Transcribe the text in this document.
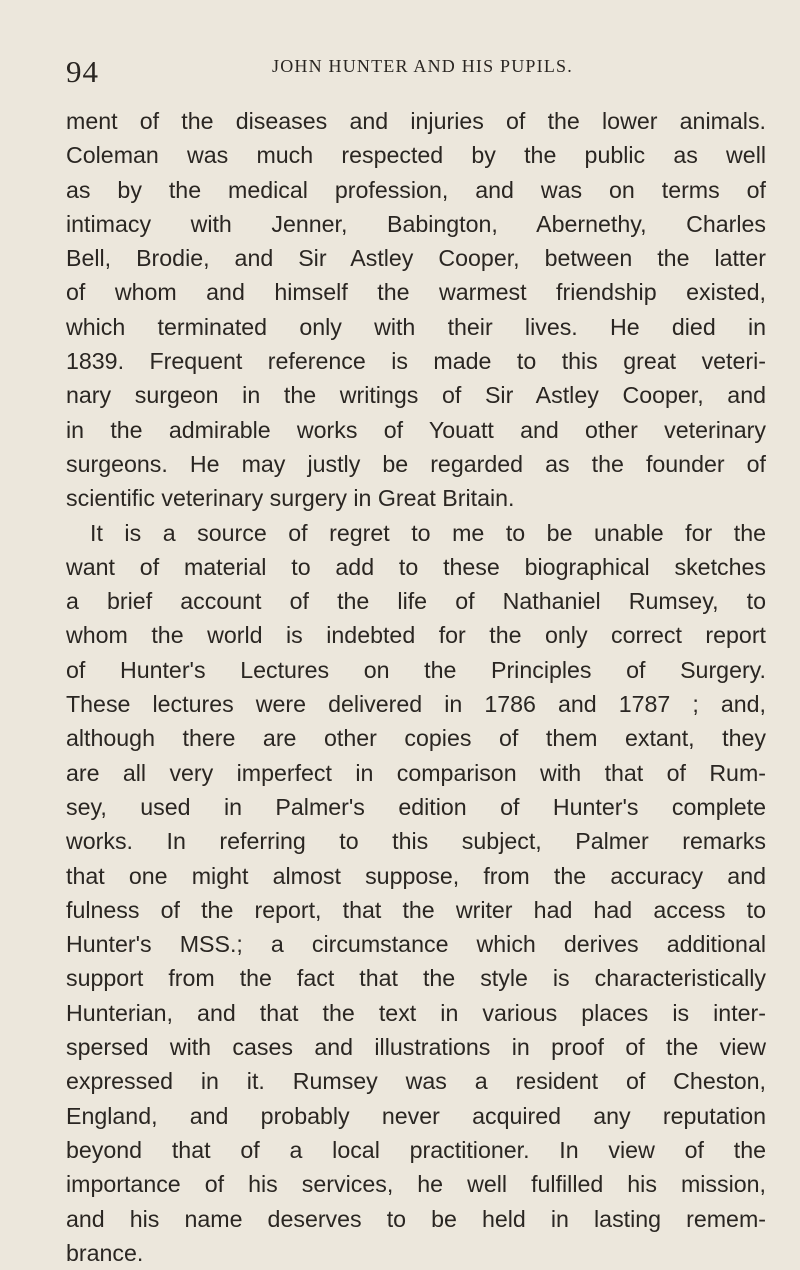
94	JOHN HUNTER AND HIS PUPILS.
ment of the diseases and injuries of the lower animals.
Coleman was much respected by the public as well
as by the medical profession, and was on terms of
intimacy with Jenner, Babington, Abernethy, Charles
Bell, Brodie, and Sir Astley Cooper, between the latter
of whom and himself the warmest friendship existed,
which terminated only with their lives. He died in
1839. Frequent reference is made to this great veteri-
nary surgeon in the writings of Sir Astley Cooper, and
in the admirable works of Youatt and other veterinary
surgeons. He may justly be regarded as the founder of
scientific veterinary surgery in Great Britain.
It is a source of regret to me to be unable for the
want of material to add to these biographical sketches
a brief account of the life of Nathaniel Rumsey, to
whom the world is indebted for the only correct report
of Hunter's Lectures on the Principles of Surgery.
These lectures were delivered in 1786 and 1787 ; and,
although there are other copies of them extant, they
are all very imperfect in comparison with that of Rum-
sey, used in Palmer's edition of Hunter's complete
works. In referring to this subject, Palmer remarks
that one might almost suppose, from the accuracy and
fulness of the report, that the writer had had access to
Hunter's MSS.; a circumstance which derives additional
support from the fact that the style is characteristically
Hunterian, and that the text in various places is inter-
spersed with cases and illustrations in proof of the view
expressed in it. Rumsey was a resident of Cheston,
England, and probably never acquired any reputation
beyond that of a local practitioner. In view of the
importance of his services, he well fulfilled his mission,
and his name deserves to be held in lasting remem-
brance.
